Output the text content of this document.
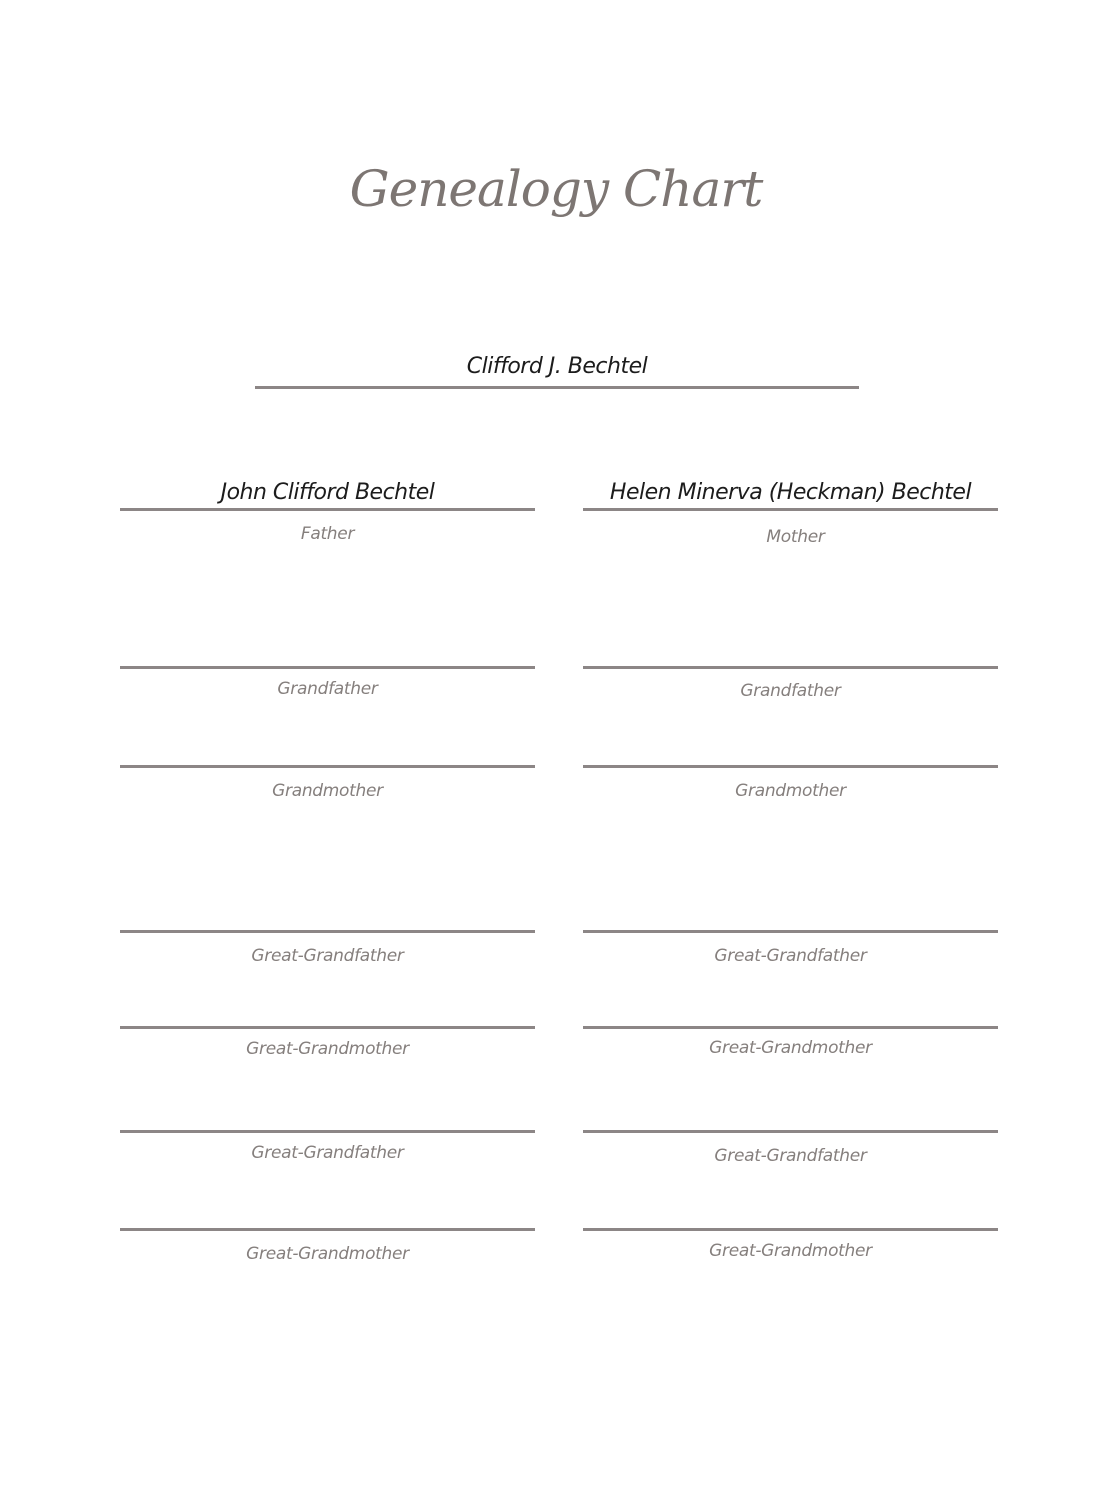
Genealogy Chart
Clifford J. Bechtel
John Clifford Bechtel
Father
Grandfather
Grandmother
Great-Grandfather
Great-Grandmother
Great-Grandfather
Great-Grandmother
Helen Minerva (Heckman) Bechtel
Mother
Grandfather
Grandmother
Great-Grandfather
Great-Grandmother
Great-Grandfather
Great-Grandmother
